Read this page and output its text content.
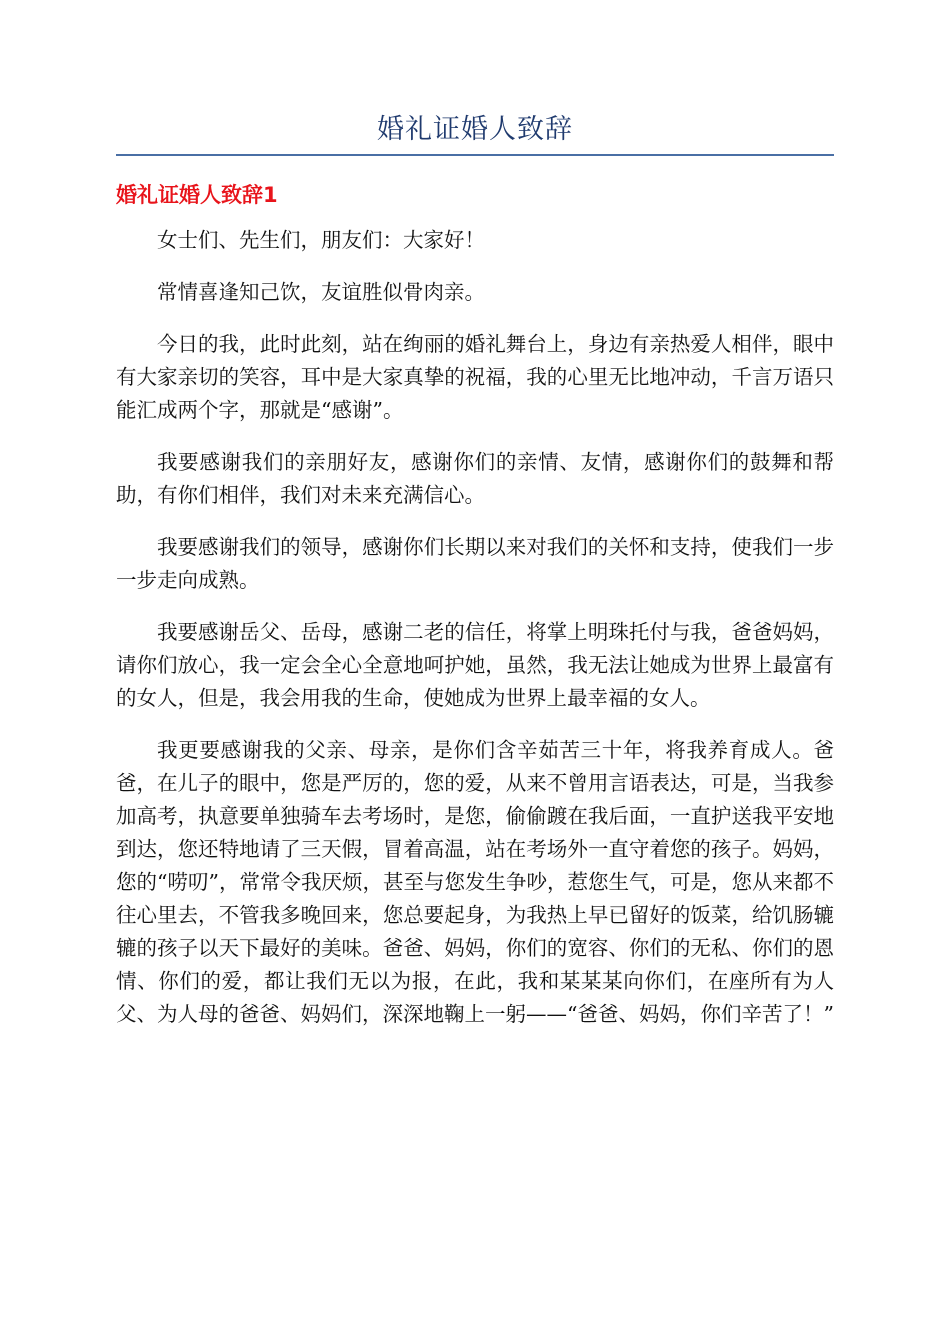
婚礼证婚人致辞
婚礼证婚人致辞1

女士们、先生们，朋友们：大家好！

常情喜逢知己饮，友谊胜似骨肉亲。

今日的我，此时此刻，站在绚丽的婚礼舞台上，身边有亲热爱人相伴，眼中有大家亲切的笑容，耳中是大家真挚的祝福，我的心里无比地冲动，千言万语只能汇成两个字，那就是“感谢”。

我要感谢我们的亲朋好友，感谢你们的亲情、友情，感谢你们的鼓舞和帮助，有你们相伴，我们对未来充满信心。

我要感谢我们的领导，感谢你们长期以来对我们的关怀和支持，使我们一步一步走向成熟。

我要感谢岳父、岳母，感谢二老的信任，将掌上明珠托付与我，爸爸妈妈，请你们放心，我一定会全心全意地呵护她，虽然，我无法让她成为世界上最富有的女人，但是，我会用我的生命，使她成为世界上最幸福的女人。

我更要感谢我的父亲、母亲，是你们含辛茹苦三十年，将我养育成人。爸爸，在儿子的眼中，您是严厉的，您的爱，从来不曾用言语表达，可是，当我参加高考，执意要单独骑车去考场时，是您，偷偷踱在我后面，一直护送我平安地到达，您还特地请了三天假，冒着高温，站在考场外一直守着您的孩子。妈妈，您的“唠叨”，常常令我厌烦，甚至与您发生争吵，惹您生气，可是，您从来都不往心里去，不管我多晚回来，您总要起身，为我热上早已留好的饭菜，给饥肠辘辘的孩子以天下最好的美味。爸爸、妈妈，你们的宽容、你们的无私、你们的恩情、你们的爱，都让我们无以为报，在此，我和某某某向你们，在座所有为人父、为人母的爸爸、妈妈们，深深地鞠上一躬——“爸爸、妈妈，你们辛苦了！”
